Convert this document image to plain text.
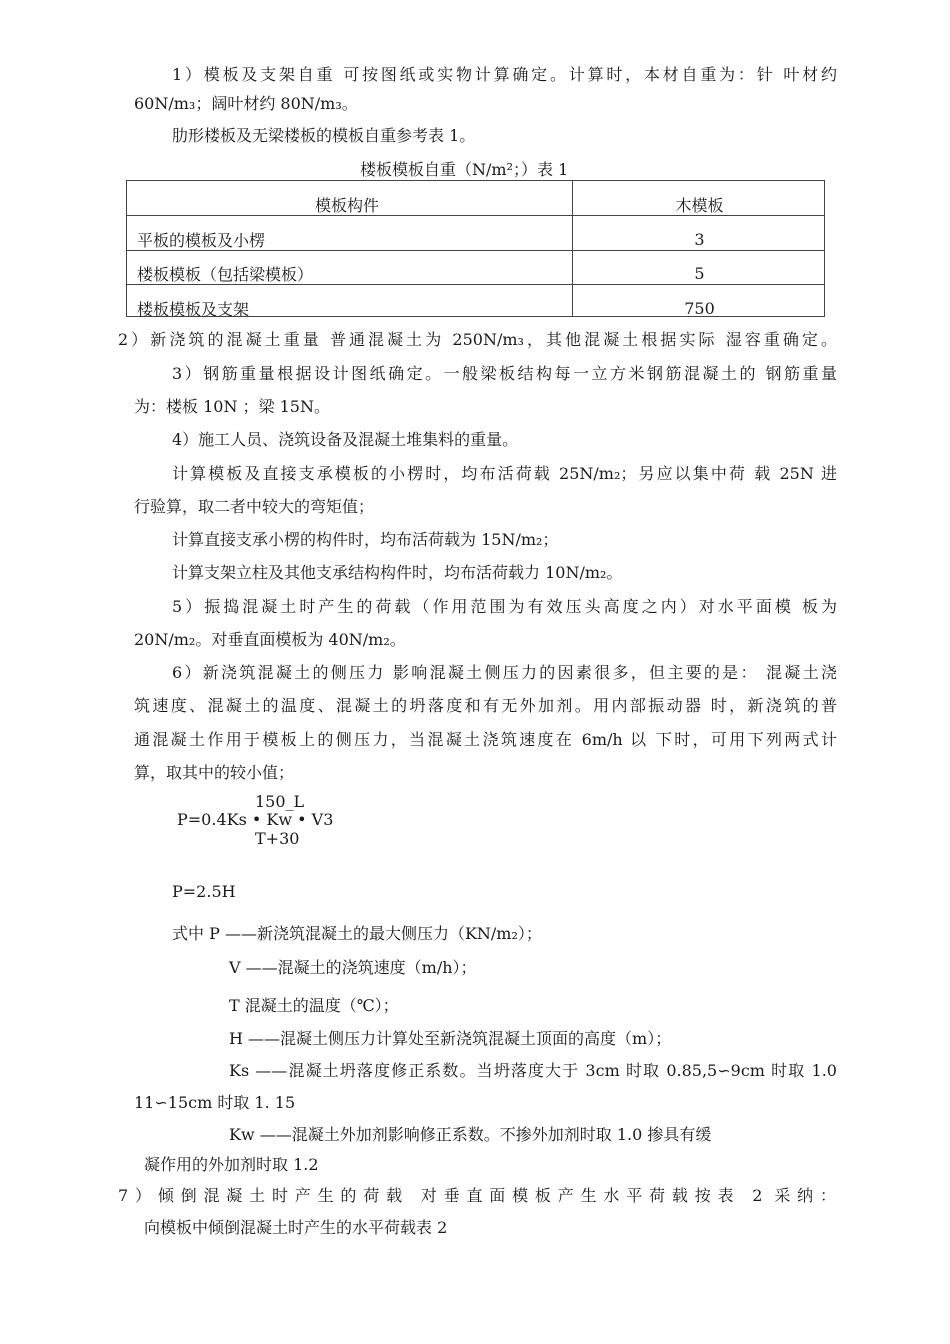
1）模板及支架自重 可按图纸或实物计算确定。计算时，本材自重为：针 叶材约
60N/m₃；阔叶材约 80N/m₃。
肋形楼板及无梁楼板的模板自重参考表 1。
楼板模板自重（N/m²；）表 1
模板构件	木模板
平板的模板及小楞	3
楼板模板（包括梁模板）	5
楼板模板及支架	750
2）新浇筑的混凝土重量 普通混凝土为 250N/m₃，其他混凝土根据实际 湿容重确定。
3）钢筋重量根据设计图纸确定。一般梁板结构每一立方米钢筋混凝土的 钢筋重量
为：楼板 10N ；梁 15N。
4）施工人员、浇筑设备及混凝土堆集料的重量。
计算模板及直接支承模板的小楞时，均布活荷载 25N/m₂；另应以集中荷 载 25N 进
行验算，取二者中较大的弯矩值；
计算直接支承小楞的构件时，均布活荷载为 15N/m₂；
计算支架立柱及其他支承结构构件时，均布活荷载力 10N/m₂。
5）振捣混凝土时产生的荷载（作用范围为有效压头高度之内）对水平面模 板为
20N/m₂。对垂直面模板为 40N/m₂。
6）新浇筑混凝土的侧压力 影响混凝土侧压力的因素很多，但主要的是： 混凝土浇
筑速度、混凝土的温度、混凝土的坍落度和有无外加剂。用内部振动器 时，新浇筑的普
通混凝土作用于模板上的侧压力，当混凝土浇筑速度在 6m/h 以 下时，可用下列两式计
算，取其中的较小值；
150_L
P=0.4Ks • Kw • V3
T+30
P=2.5H
式中 P ——新浇筑混凝土的最大侧压力（KN/m₂）；
V ——混凝土的浇筑速度（m/h）；
T 混凝土的温度（℃）；
H ——混凝土侧压力计算处至新浇筑混凝土顶面的高度（m）；
Ks ——混凝土坍落度修正系数。当坍落度大于 3cm 时取 0.85,5∽9cm 时取 1.0
11∽15cm 时取 1. 15
Kw ——混凝土外加剂影响修正系数。不掺外加剂时取 1.0 掺具有缓
凝作用的外加剂时取 1.2
7）倾倒混凝土时产生的荷载 对垂直面模板产生水平荷载按表 2 采纳：
向模板中倾倒混凝土时产生的水平荷载表 2
